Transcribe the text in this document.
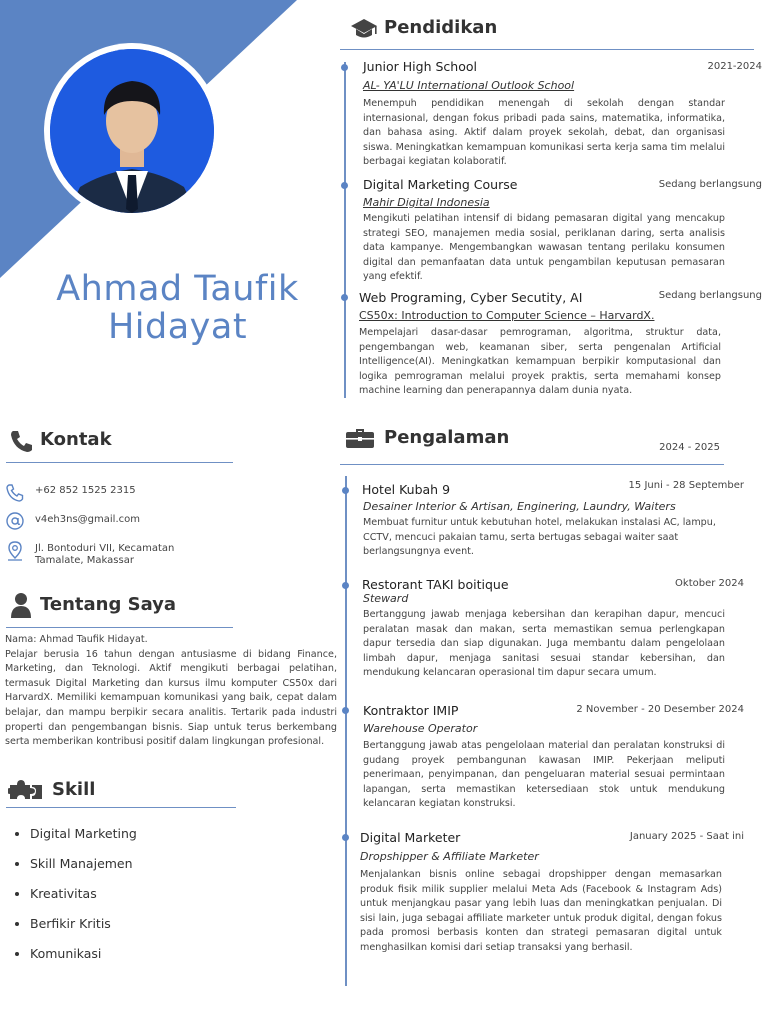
Ahmad Taufik
Hidayat
Pendidikan
Junior High School	2021-2024
AL- YA'LU International Outlook School
Menempuh pendidikan menengah di sekolah dengan standar internasional, dengan fokus pribadi pada sains, matematika, informatika, dan bahasa asing. Aktif dalam proyek sekolah, debat, dan organisasi siswa. Meningkatkan kemampuan komunikasi serta kerja sama tim melalui berbagai kegiatan kolaboratif.
Digital Marketing Course	Sedang berlangsung
Mahir Digital Indonesia
Mengikuti pelatihan intensif di bidang pemasaran digital yang mencakup strategi SEO, manajemen media sosial, periklanan daring, serta analisis data kampanye. Mengembangkan wawasan tentang perilaku konsumen digital dan pemanfaatan data untuk pengambilan keputusan pemasaran yang efektif.
Web Programing, Cyber Secutity, AI	Sedang berlangsung
CS50x: Introduction to Computer Science – HarvardX.
Mempelajari dasar-dasar pemrograman, algoritma, struktur data, pengembangan web, keamanan siber, serta pengenalan Artificial Intelligence(AI). Meningkatkan kemampuan berpikir komputasional dan logika pemrograman melalui proyek praktis, serta memahami konsep machine learning dan penerapannya dalam dunia nyata.
Kontak
+62 852 1525 2315
v4eh3ns@gmail.com
Jl. Bontoduri VII, Kecamatan
Tamalate, Makassar
Tentang Saya
Nama: Ahmad Taufik Hidayat.
Pelajar berusia 16 tahun dengan antusiasme di bidang Finance, Marketing, dan Teknologi. Aktif mengikuti berbagai pelatihan, termasuk Digital Marketing dan kursus ilmu komputer CS50x dari HarvardX. Memiliki kemampuan komunikasi yang baik, cepat dalam belajar, dan mampu berpikir secara analitis. Tertarik pada industri properti dan pengembangan bisnis. Siap untuk terus berkembang serta memberikan kontribusi positif dalam lingkungan profesional.
Skill
• Digital Marketing
• Skill Manajemen
• Kreativitas
• Berfikir Kritis
• Komunikasi
Pengalaman	2024 - 2025
Hotel Kubah 9	15 Juni - 28 September
Desainer Interior & Artisan, Enginering, Laundry, Waiters
Membuat furnitur untuk kebutuhan hotel, melakukan instalasi AC, lampu, CCTV, mencuci pakaian tamu, serta bertugas sebagai waiter saat berlangsungnya event.
Restorant TAKI boitique	Oktober 2024
Steward
Bertanggung jawab menjaga kebersihan dan kerapihan dapur, mencuci peralatan masak dan makan, serta memastikan semua perlengkapan dapur tersedia dan siap digunakan. Juga membantu dalam pengelolaan limbah dapur, menjaga sanitasi sesuai standar kebersihan, dan mendukung kelancaran operasional tim dapur secara umum.
Kontraktor IMIP	2 November - 20 Desember 2024
Warehouse Operator
Bertanggung jawab atas pengelolaan material dan peralatan konstruksi di gudang proyek pembangunan kawasan IMIP. Pekerjaan meliputi penerimaan, penyimpanan, dan pengeluaran material sesuai permintaan lapangan, serta memastikan ketersediaan stok untuk mendukung kelancaran kegiatan konstruksi.
Digital Marketer	January 2025 - Saat ini
Dropshipper & Affiliate Marketer
Menjalankan bisnis online sebagai dropshipper dengan memasarkan produk fisik milik supplier melalui Meta Ads (Facebook & Instagram Ads) untuk menjangkau pasar yang lebih luas dan meningkatkan penjualan. Di sisi lain, juga sebagai affiliate marketer untuk produk digital, dengan fokus pada promosi berbasis konten dan strategi pemasaran digital untuk menghasilkan komisi dari setiap transaksi yang berhasil.
